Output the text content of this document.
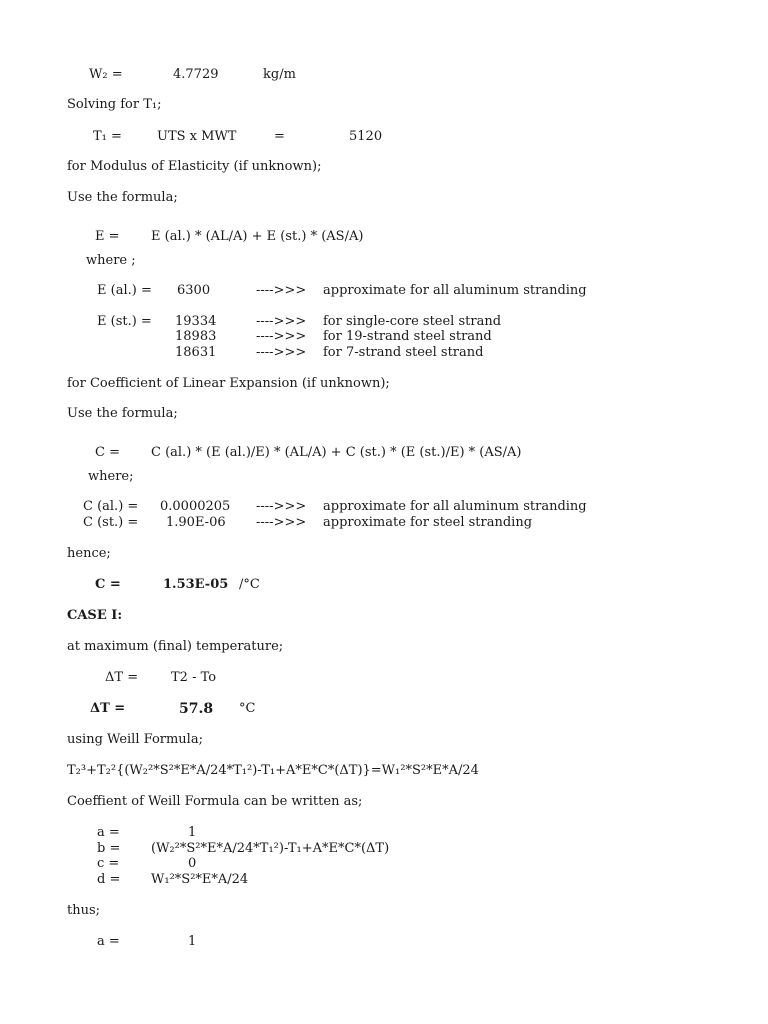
W₂ =	4.7729	kg/m
Solving for T₁;
T₁ =	UTS x MWT	=	5120
for Modulus of Elasticity (if unknown);
Use the formula;
E = E (al.) * (AL/A) + E (st.) * (AS/A)
where ;
E (al.) = 6300	---->>> approximate for all aluminum stranding
E (st.) = 19334	---->>> for single-core steel strand
18983	---->>> for 19-strand steel strand
18631	---->>> for 7-strand steel strand
for Coefficient of Linear Expansion (if unknown);
Use the formula;
C = C (al.) * (E (al.)/E) * (AL/A) + C (st.) * (E (st.)/E) * (AS/A)
where;
C (al.) = 0.0000205 ---->>> approximate for all aluminum stranding
C (st.) = 1.90E-06 ---->>> approximate for steel stranding
hence;
C =	1.53E-05 /°C
CASE I:
at maximum (final) temperature;
ΔT =	T2 - To
ΔT =	57.8 °C
using Weill Formula;
T₂³+T₂²{(W₂²*S²*E*A/24*T₁²)-T₁+A*E*C*(ΔT)}=W₁²*S²*E*A/24
Coeffient of Weill Formula can be written as;
a =	1
b = (W₂²*S²*E*A/24*T₁²)-T₁+A*E*C*(ΔT)
c =	0
d = W₁²*S²*E*A/24
thus;
a =	1
